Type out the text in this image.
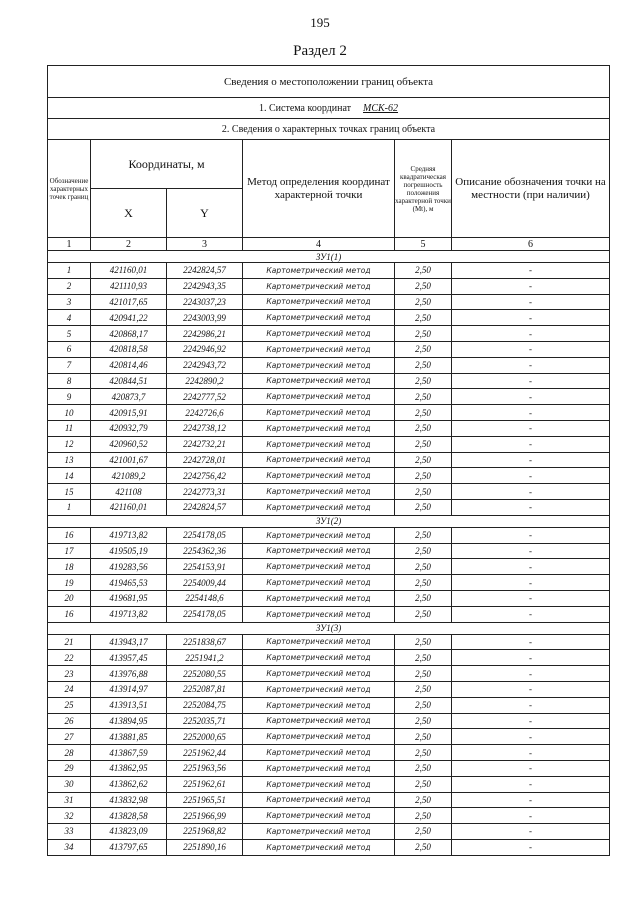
195
Раздел 2
Сведения о местоположении границ объекта					
1. Система координат МСК-62					
2. Сведения о характерных точках границ объекта					
Обозначение характерных точек границ	Координаты, м		Метод определения координат характерной точки	Средняя квадратическая погрешность положения характерной точки (Mt), м	Описание обозначения точки на местности (при наличии)
	X	Y			
1	2	3	4	5	6
ЗУ1(1)					
1	421160,01	2242824,57	Картометрический метод	2,50	-
2	421110,93	2242943,35	Картометрический метод	2,50	-
3	421017,65	2243037,23	Картометрический метод	2,50	-
4	420941,22	2243003,99	Картометрический метод	2,50	-
5	420868,17	2242986,21	Картометрический метод	2,50	-
6	420818,58	2242946,92	Картометрический метод	2,50	-
7	420814,46	2242943,72	Картометрический метод	2,50	-
8	420844,51	2242890,2	Картометрический метод	2,50	-
9	420873,7	2242777,52	Картометрический метод	2,50	-
10	420915,91	2242726,6	Картометрический метод	2,50	-
11	420932,79	2242738,12	Картометрический метод	2,50	-
12	420960,52	2242732,21	Картометрический метод	2,50	-
13	421001,67	2242728,01	Картометрический метод	2,50	-
14	421089,2	2242756,42	Картометрический метод	2,50	-
15	421108	2242773,31	Картометрический метод	2,50	-
1	421160,01	2242824,57	Картометрический метод	2,50	-
ЗУ1(2)					
16	419713,82	2254178,05	Картометрический метод	2,50	-
17	419505,19	2254362,36	Картометрический метод	2,50	-
18	419283,56	2254153,91	Картометрический метод	2,50	-
19	419465,53	2254009,44	Картометрический метод	2,50	-
20	419681,95	2254148,6	Картометрический метод	2,50	-
16	419713,82	2254178,05	Картометрический метод	2,50	-
ЗУ1(3)					
21	413943,17	2251838,67	Картометрический метод	2,50	-
22	413957,45	2251941,2	Картометрический метод	2,50	-
23	413976,88	2252080,55	Картометрический метод	2,50	-
24	413914,97	2252087,81	Картометрический метод	2,50	-
25	413913,51	2252084,75	Картометрический метод	2,50	-
26	413894,95	2252035,71	Картометрический метод	2,50	-
27	413881,85	2252000,65	Картометрический метод	2,50	-
28	413867,59	2251962,44	Картометрический метод	2,50	-
29	413862,95	2251963,56	Картометрический метод	2,50	-
30	413862,62	2251962,61	Картометрический метод	2,50	-
31	413832,98	2251965,51	Картометрический метод	2,50	-
32	413828,58	2251966,99	Картометрический метод	2,50	-
33	413823,09	2251968,82	Картометрический метод	2,50	-
34	413797,65	2251890,16	Картометрический метод	2,50	-
